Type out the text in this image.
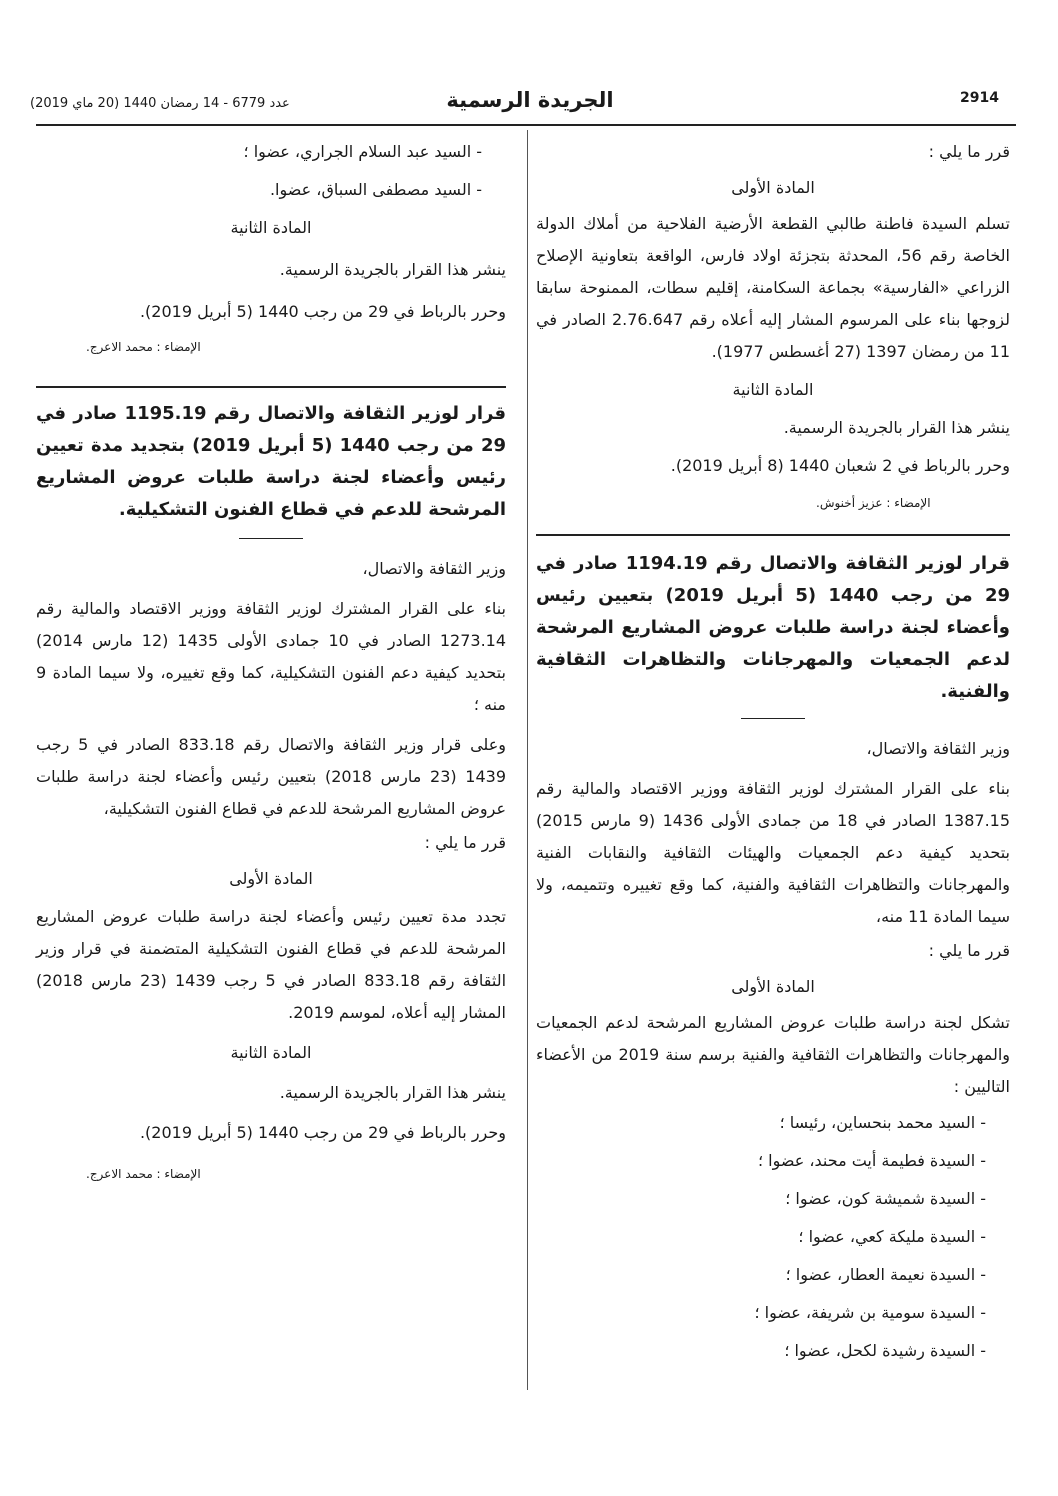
2914
الجريدة الرسمية
عدد 6779 - 14 رمضان 1440 (20 ماي 2019)

قرر ما يلي :

المادة الأولى

تسلم السيدة فاطنة طالبي القطعة الأرضية الفلاحية من أملاك الدولة الخاصة رقم 56، المحدثة بتجزئة اولاد فارس، الواقعة بتعاونية الإصلاح الزراعي «الفارسية» بجماعة السكامنة، إقليم سطات، الممنوحة سابقا لزوجها بناء على المرسوم المشار إليه أعلاه رقم 2.76.647 الصادر في 11 من رمضان 1397 (27 أغسطس 1977).

المادة الثانية

ينشر هذا القرار بالجريدة الرسمية.

وحرر بالرباط في 2 شعبان 1440 (8 أبريل 2019).

الإمضاء : عزيز أخنوش.

قرار لوزير الثقافة والاتصال رقم 1194.19 صادر في 29 من رجب 1440 (5 أبريل 2019) بتعيين رئيس وأعضاء لجنة دراسة طلبات عروض المشاريع المرشحة لدعم الجمعيات والمهرجانات والتظاهرات الثقافية والفنية.

وزير الثقافة والاتصال،

بناء على القرار المشترك لوزير الثقافة ووزير الاقتصاد والمالية رقم 1387.15 الصادر في 18 من جمادى الأولى 1436 (9 مارس 2015) بتحديد كيفية دعم الجمعيات والهيئات الثقافية والنقابات الفنية والمهرجانات والتظاهرات الثقافية والفنية، كما وقع تغييره وتتميمه، ولا سيما المادة 11 منه،

قرر ما يلي :

المادة الأولى

تشكل لجنة دراسة طلبات عروض المشاريع المرشحة لدعم الجمعيات والمهرجانات والتظاهرات الثقافية والفنية برسم سنة 2019 من الأعضاء التاليين :

- السيد محمد بنحساين، رئيسا ؛

- السيدة فطيمة أيت محند، عضوا ؛

- السيدة شميشة كون، عضوا ؛

- السيدة مليكة كعي، عضوا ؛

- السيدة نعيمة العطار، عضوا ؛

- السيدة سومية بن شريفة، عضوا ؛

- السيدة رشيدة لكحل، عضوا ؛

- السيد عبد السلام الجراري، عضوا ؛

- السيد مصطفى السباق، عضوا.

المادة الثانية

ينشر هذا القرار بالجريدة الرسمية.

وحرر بالرباط في 29 من رجب 1440 (5 أبريل 2019).

الإمضاء : محمد الاعرج.

قرار لوزير الثقافة والاتصال رقم 1195.19 صادر في 29 من رجب 1440 (5 أبريل 2019) بتجديد مدة تعيين رئيس وأعضاء لجنة دراسة طلبات عروض المشاريع المرشحة للدعم في قطاع الفنون التشكيلية.

وزير الثقافة والاتصال،

بناء على القرار المشترك لوزير الثقافة ووزير الاقتصاد والمالية رقم 1273.14 الصادر في 10 جمادى الأولى 1435 (12 مارس 2014) بتحديد كيفية دعم الفنون التشكيلية، كما وقع تغييره، ولا سيما المادة 9 منه ؛

وعلى قرار وزير الثقافة والاتصال رقم 833.18 الصادر في 5 رجب 1439 (23 مارس 2018) بتعيين رئيس وأعضاء لجنة دراسة طلبات عروض المشاريع المرشحة للدعم في قطاع الفنون التشكيلية،

قرر ما يلي :

المادة الأولى

تجدد مدة تعيين رئيس وأعضاء لجنة دراسة طلبات عروض المشاريع المرشحة للدعم في قطاع الفنون التشكيلية المتضمنة في قرار وزير الثقافة رقم 833.18 الصادر في 5 رجب 1439 (23 مارس 2018) المشار إليه أعلاه، لموسم 2019.

المادة الثانية

ينشر هذا القرار بالجريدة الرسمية.

وحرر بالرباط في 29 من رجب 1440 (5 أبريل 2019).

الإمضاء : محمد الاعرج.
